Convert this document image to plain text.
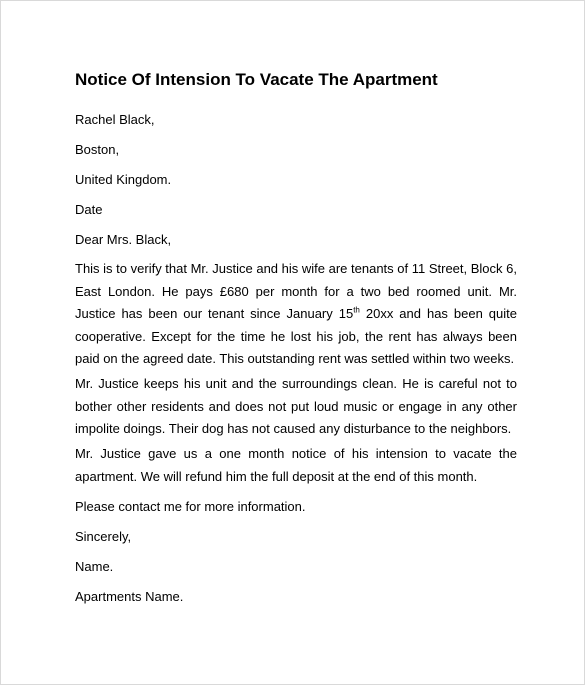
Notice Of Intension To Vacate The Apartment
Rachel Black,
Boston,
United Kingdom.
Date
Dear Mrs. Black,

This is to verify that Mr. Justice and his wife are tenants of 11 Street, Block 6, East London. He pays £680 per month for a two bed roomed unit. Mr. Justice has been our tenant since January 15th 20xx and has been quite cooperative. Except for the time he lost his job, the rent has always been paid on the agreed date. This outstanding rent was settled within two weeks.

Mr. Justice keeps his unit and the surroundings clean. He is careful not to bother other residents and does not put loud music or engage in any other impolite doings. Their dog has not caused any disturbance to the neighbors.

Mr. Justice gave us a one month notice of his intension to vacate the apartment. We will refund him the full deposit at the end of this month.

Please contact me for more information.
Sincerely,
Name.
Apartments Name.
